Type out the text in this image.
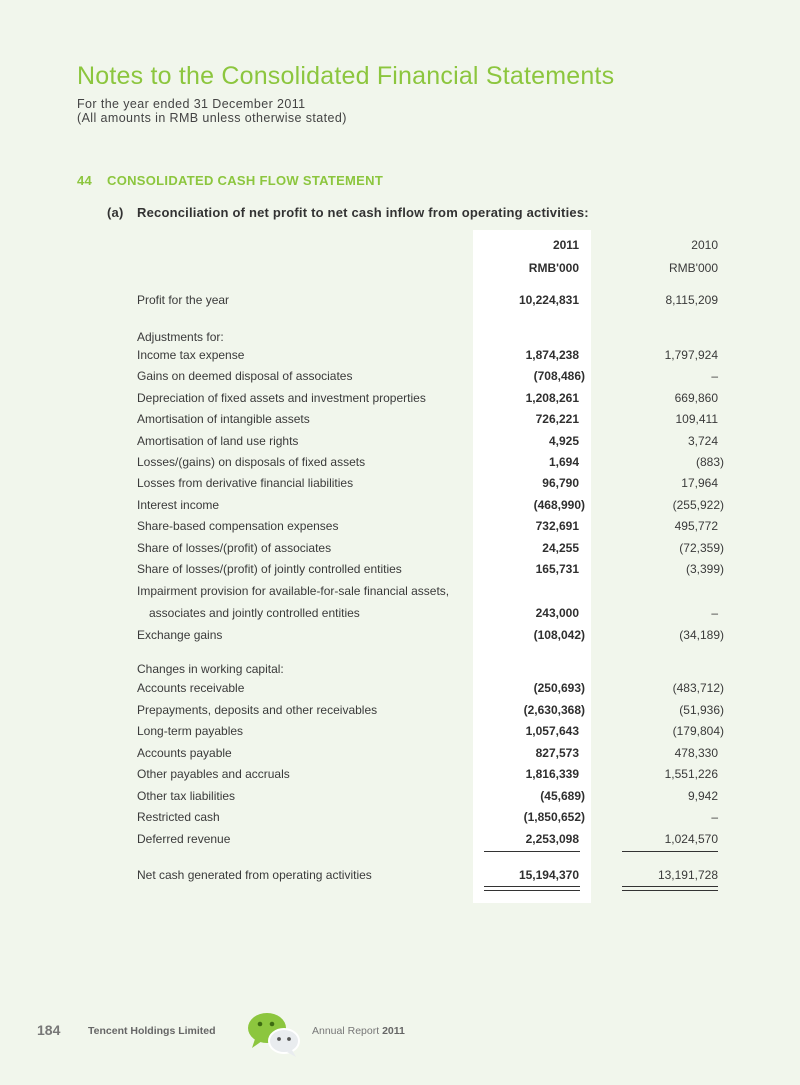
Notes to the Consolidated Financial Statements
For the year ended 31 December 2011
(All amounts in RMB unless otherwise stated)
44 CONSOLIDATED CASH FLOW STATEMENT
(a) Reconciliation of net profit to net cash inflow from operating activities:
2011	2010
RMB'000	RMB'000
Profit for the year	10,224,831	8,115,209
Adjustments for:
Income tax expense	1,874,238	1,797,924
Gains on deemed disposal of associates	(708,486)	–
Depreciation of fixed assets and investment properties	1,208,261	669,860
Amortisation of intangible assets	726,221	109,411
Amortisation of land use rights	4,925	3,724
Losses/(gains) on disposals of fixed assets	1,694	(883)
Losses from derivative financial liabilities	96,790	17,964
Interest income	(468,990)	(255,922)
Share-based compensation expenses	732,691	495,772
Share of losses/(profit) of associates	24,255	(72,359)
Share of losses/(profit) of jointly controlled entities	165,731	(3,399)
Impairment provision for available-for-sale financial assets,
associates and jointly controlled entities	243,000	–
Exchange gains	(108,042)	(34,189)
Changes in working capital:
Accounts receivable	(250,693)	(483,712)
Prepayments, deposits and other receivables	(2,630,368)	(51,936)
Long-term payables	1,057,643	(179,804)
Accounts payable	827,573	478,330
Other payables and accruals	1,816,339	1,551,226
Other tax liabilities	(45,689)	9,942
Restricted cash	(1,850,652)	–
Deferred revenue	2,253,098	1,024,570
Net cash generated from operating activities	15,194,370	13,191,728
184	Tencent Holdings Limited	Annual Report 2011
